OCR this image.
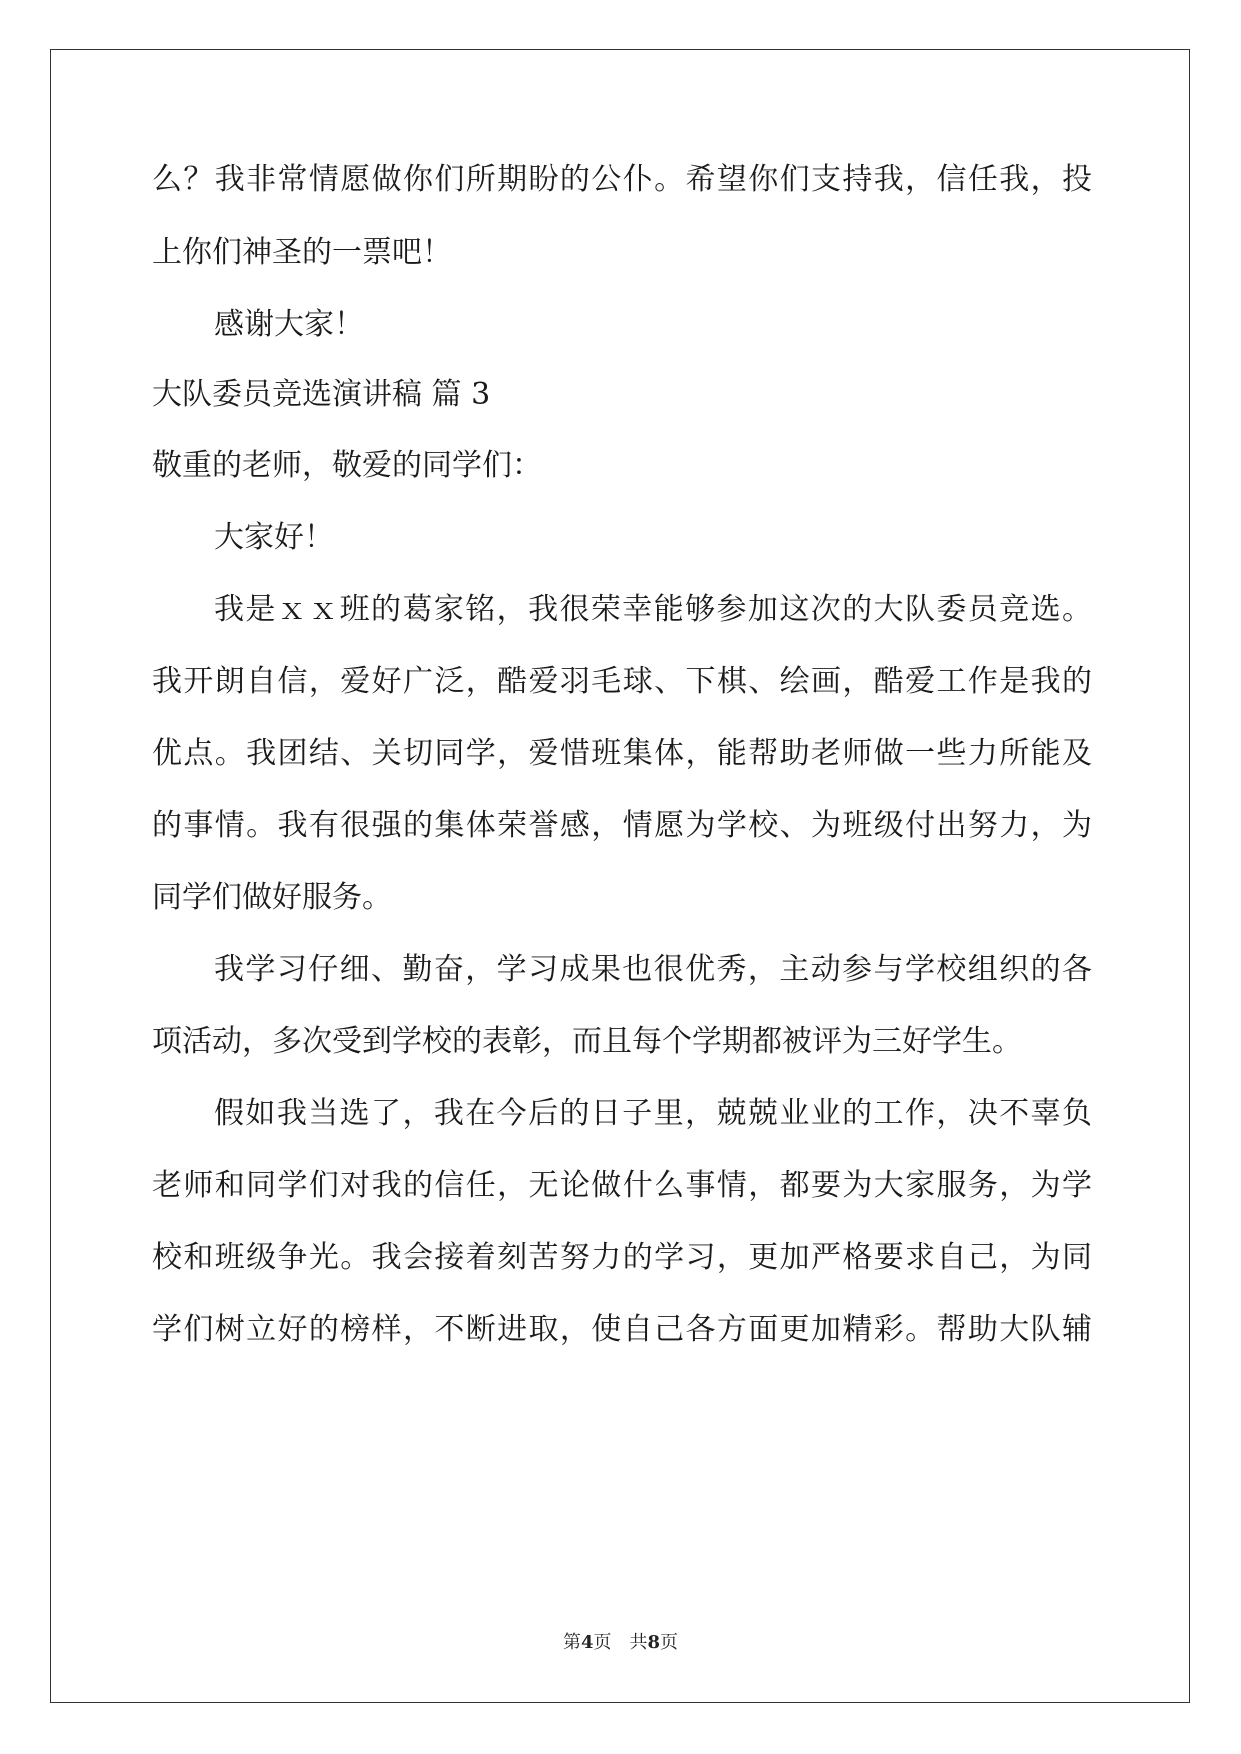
么？我非常情愿做你们所期盼的公仆。希望你们支持我，信任我，投
上你们神圣的一票吧！
感谢大家！
大队委员竞选演讲稿 篇 3
敬重的老师，敬爱的同学们：
大家好！
我是ｘｘ班的葛家铭，我很荣幸能够参加这次的大队委员竞选。
我开朗自信，爱好广泛，酷爱羽毛球、下棋、绘画，酷爱工作是我的
优点。我团结、关切同学，爱惜班集体，能帮助老师做一些力所能及
的事情。我有很强的集体荣誉感，情愿为学校、为班级付出努力，为
同学们做好服务。
我学习仔细、勤奋，学习成果也很优秀，主动参与学校组织的各
项活动，多次受到学校的表彰，而且每个学期都被评为三好学生。
假如我当选了，我在今后的日子里，兢兢业业的工作，决不辜负
老师和同学们对我的信任，无论做什么事情，都要为大家服务，为学
校和班级争光。我会接着刻苦努力的学习，更加严格要求自己，为同
学们树立好的榜样，不断进取，使自己各方面更加精彩。帮助大队辅
第4页 共8页
